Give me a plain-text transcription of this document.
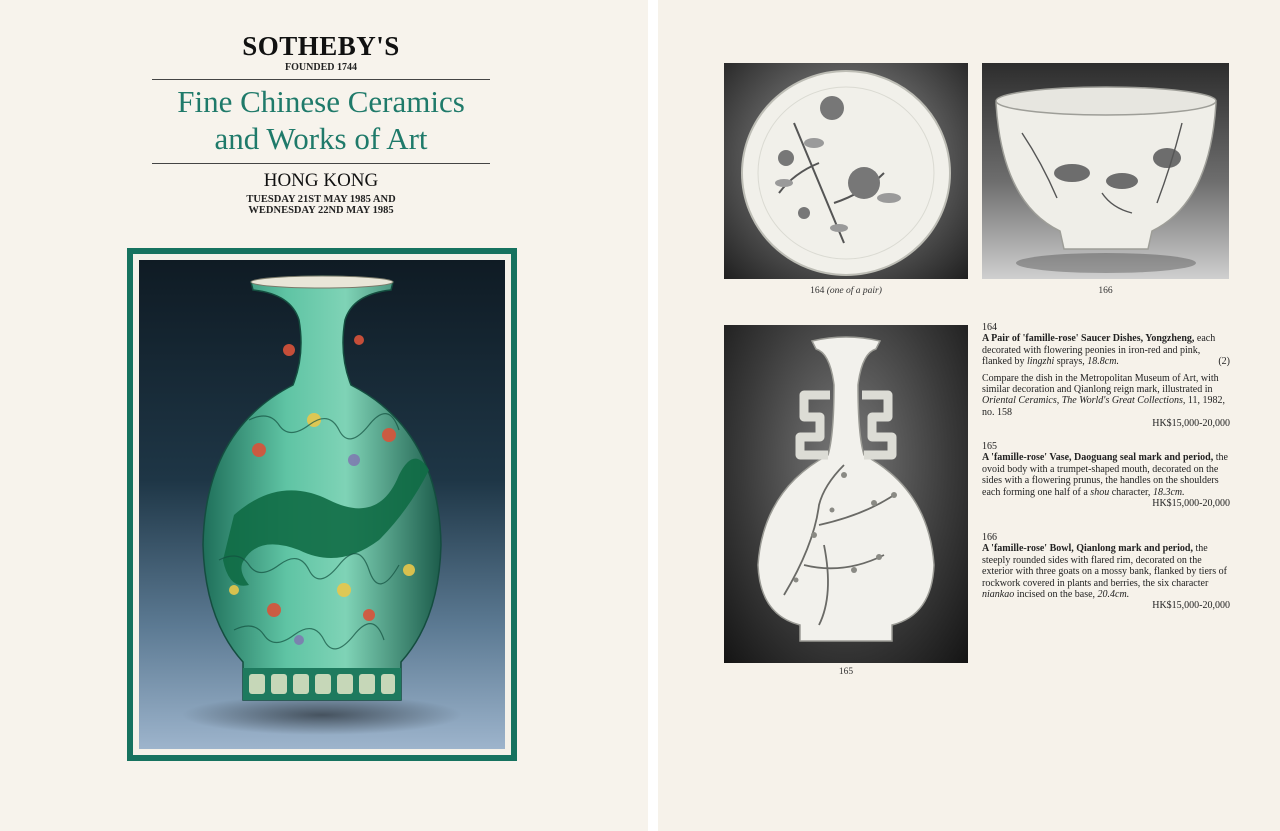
SOTHEBY'S
FOUNDED 1744
Fine Chinese Ceramics
and Works of Art
HONG KONG
TUESDAY 21ST MAY 1985 AND
WEDNESDAY 22ND MAY 1985
164 (one of a pair)	166
165
164

A Pair of 'famille-rose' Saucer Dishes, Yongzheng, each decorated with flowering peonies in iron-red and pink, flanked by lingzhi sprays, 18.8cm.	(2)

Compare the dish in the Metropolitan Museum of Art, with similar decoration and Qianlong reign mark, illustrated in Oriental Ceramics, The World's Great Collections, 11, 1982, no. 158

HK$15,000-20,000
165

A 'famille-rose' Vase, Daoguang seal mark and period, the ovoid body with a trumpet-shaped mouth, decorated on the sides with a flowering prunus, the handles on the shoulders each forming one half of a shou character, 18.3cm.

HK$15,000-20,000
166

A 'famille-rose' Bowl, Qianlong mark and period, the steeply rounded sides with flared rim, decorated on the exterior with three goats on a mossy bank, flanked by tiers of rockwork covered in plants and berries, the six character niankao incised on the base, 20.4cm.

HK$15,000-20,000
